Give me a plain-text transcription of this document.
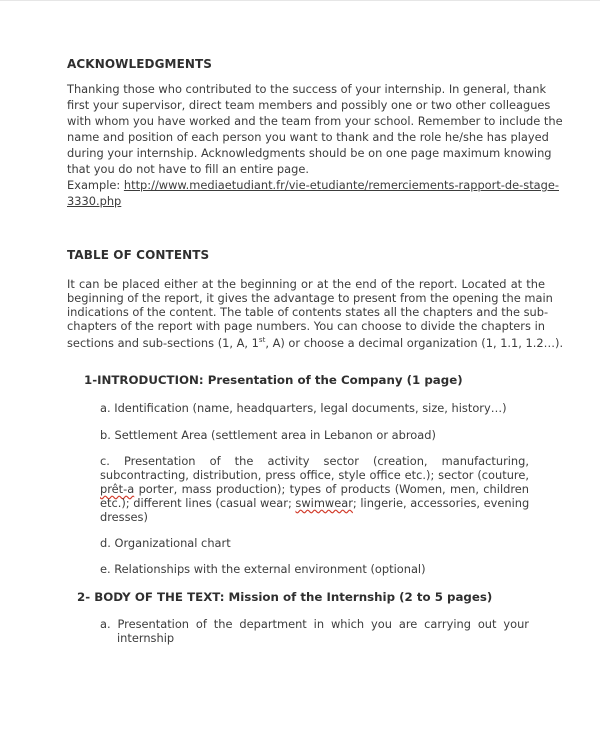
ACKNOWLEDGMENTS
Thanking those who contributed to the success of your internship. In general, thank
first your supervisor, direct team members and possibly one or two other colleagues
with whom you have worked and the team from your school. Remember to include the
name and position of each person you want to thank and the role he/she has played
during your internship. Acknowledgments should be on one page maximum knowing
that you do not have to fill an entire page.
Example: http://www.mediaetudiant.fr/vie-etudiante/remerciements-rapport-de-stage-
3330.php
TABLE OF CONTENTS
It can be placed either at the beginning or at the end of the report. Located at the
beginning of the report, it gives the advantage to present from the opening the main
indications of the content. The table of contents states all the chapters and the sub-
chapters of the report with page numbers. You can choose to divide the chapters in
sections and sub-sections (1, A, 1st, A) or choose a decimal organization (1, 1.1, 1.2…).
1-INTRODUCTION: Presentation of the Company (1 page)
a. Identification (name, headquarters, legal documents, size, history…)
b. Settlement Area (settlement area in Lebanon or abroad)
c. Presentation of the activity sector (creation, manufacturing,
subcontracting, distribution, press office, style office etc.); sector (couture,
prêt-a porter, mass production); types of products (Women, men, children
etc.); different lines (casual wear; swimwear; lingerie, accessories, evening
dresses)
d. Organizational chart
e. Relationships with the external environment (optional)
2- BODY OF THE TEXT: Mission of the Internship (2 to 5 pages)
a. Presentation of the department in which you are carrying out your
internship
